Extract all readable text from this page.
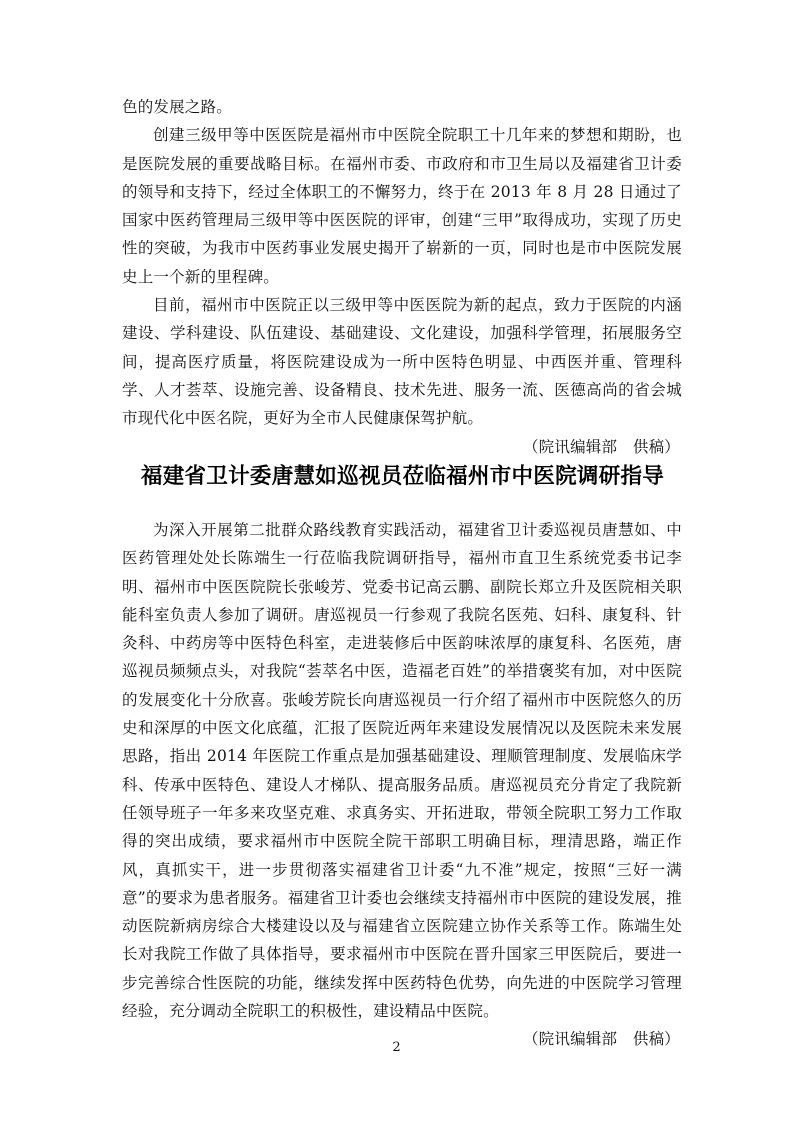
色的发展之路。

创建三级甲等中医医院是福州市中医院全院职工十几年来的梦想和期盼，也是医院发展的重要战略目标。在福州市委、市政府和市卫生局以及福建省卫计委的领导和支持下，经过全体职工的不懈努力，终于在 2013 年 8 月 28 日通过了国家中医药管理局三级甲等中医医院的评审，创建“三甲”取得成功，实现了历史性的突破，为我市中医药事业发展史揭开了崭新的一页，同时也是市中医院发展史上一个新的里程碑。

目前，福州市中医院正以三级甲等中医医院为新的起点，致力于医院的内涵建设、学科建设、队伍建设、基础建设、文化建设，加强科学管理，拓展服务空间，提高医疗质量，将医院建设成为一所中医特色明显、中西医并重、管理科学、人才荟萃、设施完善、设备精良、技术先进、服务一流、医德高尚的省会城市现代化中医名院，更好为全市人民健康保驾护航。

（院讯编辑部　供稿）

福建省卫计委唐慧如巡视员莅临福州市中医院调研指导

为深入开展第二批群众路线教育实践活动，福建省卫计委巡视员唐慧如、中医药管理处处长陈端生一行莅临我院调研指导，福州市直卫生系统党委书记李明、福州市中医医院院长张峻芳、党委书记高云鹏、副院长郑立升及医院相关职能科室负责人参加了调研。唐巡视员一行参观了我院名医苑、妇科、康复科、针灸科、中药房等中医特色科室，走进装修后中医韵味浓厚的康复科、名医苑，唐巡视员频频点头，对我院“荟萃名中医，造福老百姓”的举措褒奖有加，对中医院的发展变化十分欣喜。张峻芳院长向唐巡视员一行介绍了福州市中医院悠久的历史和深厚的中医文化底蕴，汇报了医院近两年来建设发展情况以及医院未来发展思路，指出 2014 年医院工作重点是加强基础建设、理顺管理制度、发展临床学科、传承中医特色、建设人才梯队、提高服务品质。唐巡视员充分肯定了我院新任领导班子一年多来攻坚克难、求真务实、开拓进取，带领全院职工努力工作取得的突出成绩，要求福州市中医院全院干部职工明确目标，理清思路，端正作风，真抓实干，进一步贯彻落实福建省卫计委“九不准”规定，按照“三好一满意”的要求为患者服务。福建省卫计委也会继续支持福州市中医院的建设发展，推动医院新病房综合大楼建设以及与福建省立医院建立协作关系等工作。陈端生处长对我院工作做了具体指导，要求福州市中医院在晋升国家三甲医院后，要进一步完善综合性医院的功能，继续发挥中医药特色优势，向先进的中医院学习管理经验，充分调动全院职工的积极性，建设精品中医院。

（院讯编辑部　供稿）

2
